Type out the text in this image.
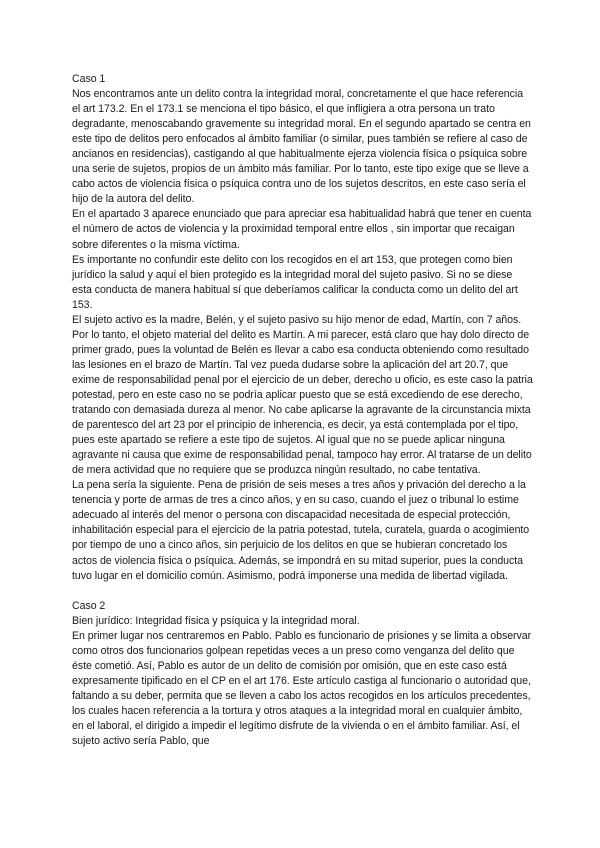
Caso 1

Nos encontramos ante un delito contra la integridad moral, concretamente el que hace referencia el art 173.2. En el 173.1 se menciona el tipo básico, el que infligiera a otra persona un trato degradante, menoscabando gravemente su integridad moral. En el segundo apartado se centra en este tipo de delitos pero enfocados al ámbito familiar (o similar, pues también se refiere al caso de ancianos en residencias), castigando al que habitualmente ejerza violencia física o psíquica sobre una serie de sujetos, propios de un ámbito más familiar. Por lo tanto, este tipo exige que se lleve a cabo actos de violencia física o psíquica contra uno de los sujetos descritos, en este caso sería el hijo de la autora del delito.

En el apartado 3 aparece enunciado que para apreciar esa habitualidad habrá que tener en cuenta el número de actos de violencia y la proximidad temporal entre ellos , sin importar que recaigan sobre diferentes o la misma víctima.

Es importante no confundir este delito con los recogidos en el art 153, que protegen como bien jurídico la salud y aquí el bien protegido es la integridad moral del sujeto pasivo. Si no se diese esta conducta de manera habitual sí que deberíamos calificar la conducta como un delito del art 153.

El sujeto activo es la madre, Belén, y el sujeto pasivo su hijo menor de edad, Martín, con 7 años. Por lo tanto, el objeto material del delito es Martín. A mi parecer, está claro que hay dolo directo de primer grado, pues la voluntad de Belén es llevar a cabo esa conducta obteniendo como resultado las lesiones en el brazo de Martín. Tal vez pueda dudarse sobre la aplicación del art 20.7, que exime de responsabilidad penal por el ejercicio de un deber, derecho u oficio, es este caso la patria potestad, pero en este caso no se podría aplicar puesto que se está excediendo de ese derecho, tratando con demasiada dureza al menor. No cabe aplicarse la agravante de la circunstancia mixta de parentesco del art 23 por el principio de inherencia, es decir, ya está contemplada por el tipo, pues este apartado se refiere a este tipo de sujetos. Al igual que no se puede aplicar ninguna agravante ni causa que exime de responsabilidad penal, tampoco hay error. Al tratarse de un delito de mera actividad que no requiere que se produzca ningún resultado, no cabe tentativa.

La pena sería la siguiente. Pena de prisión de seis meses a tres años y privación del derecho a la tenencia y porte de armas de tres a cinco años, y en su caso, cuando el juez o tribunal lo estime adecuado al interés del menor o persona con discapacidad necesitada de especial protección, inhabilitación especial para el ejercicio de la patria potestad, tutela, curatela, guarda o acogimiento por tiempo de uno a cinco años, sin perjuicio de los delitos en que se hubieran concretado los actos de violencia física o psíquica. Además, se impondrá en su mitad superior, pues la conducta tuvo lugar en el domicilio común. Asimismo, podrá imponerse una medida de libertad vigilada.

Caso 2

Bien jurídico: Integridad física y psíquica y la integridad moral.

En primer lugar nos centraremos en Pablo. Pablo es funcionario de prisiones y se limita a observar como otros dos funcionarios golpean repetidas veces a un preso como venganza del delito que éste cometió. Así, Pablo es autor de un delito de comisión por omisión, que en este caso está expresamente tipificado en el CP en el art 176. Este artículo castiga al funcionario o autoridad que, faltando a su deber, permita que se lleven a cabo los actos recogidos en los artículos precedentes, los cuales hacen referencia a la tortura y otros ataques a la integridad moral en cualquier ámbito, en el laboral, el dirigido a impedir el legítimo disfrute de la vivienda o en el ámbito familiar. Así, el sujeto activo sería Pablo, que
